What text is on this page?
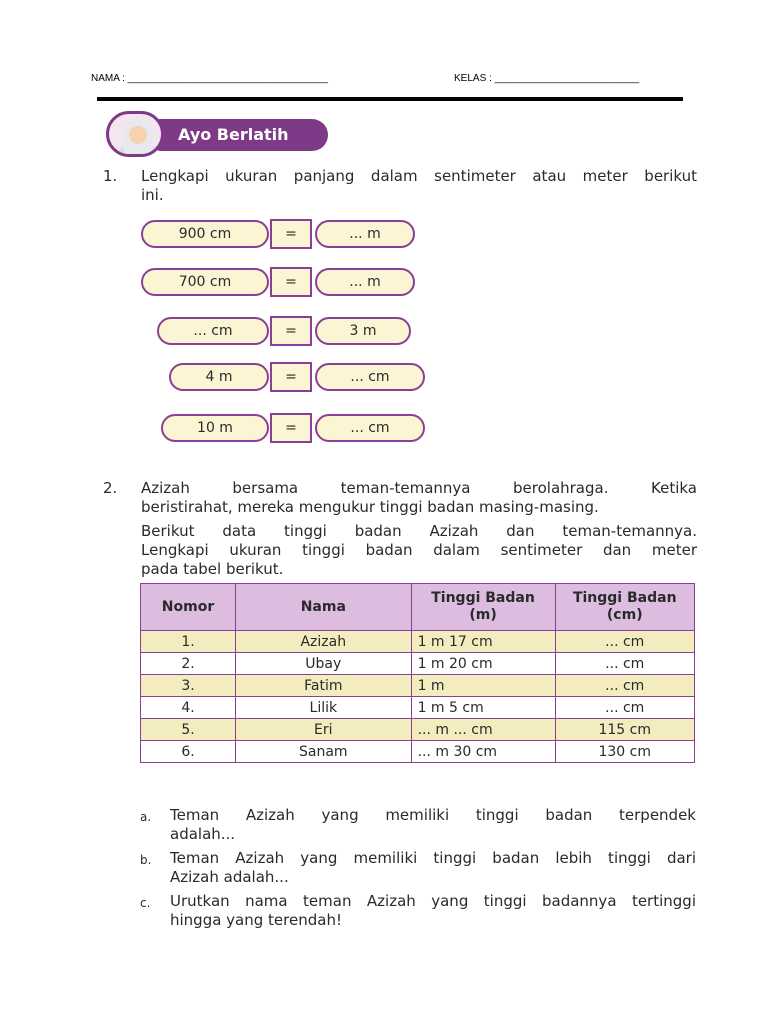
NAMA : ____________________________________	KELAS : __________________________
Ayo Berlatih
1. Lengkapi ukuran panjang dalam sentimeter atau meter berikut
ini.
900 cm	=	... m
700 cm	=	... m
... cm	=	3 m
4 m	=	... cm
10 m	=	... cm
2. Azizah bersama teman-temannya berolahraga. Ketika
beristirahat, mereka mengukur tinggi badan masing-masing.
Berikut data tinggi badan Azizah dan teman-temannya.
Lengkapi ukuran tinggi badan dalam sentimeter dan meter
pada tabel berikut.
Nomor	Nama	Tinggi Badan (m)	Tinggi Badan (cm)
1.	Azizah	1 m 17 cm	... cm
2.	Ubay	1 m 20 cm	... cm
3.	Fatim	1 m	... cm
4.	Lilik	1 m 5 cm	... cm
5.	Eri	... m ... cm	115 cm
6.	Sanam	... m 30 cm	130 cm
a. Teman Azizah yang memiliki tinggi badan terpendek
adalah...
b. Teman Azizah yang memiliki tinggi badan lebih tinggi dari
Azizah adalah...
c. Urutkan nama teman Azizah yang tinggi badannya tertinggi
hingga yang terendah!
